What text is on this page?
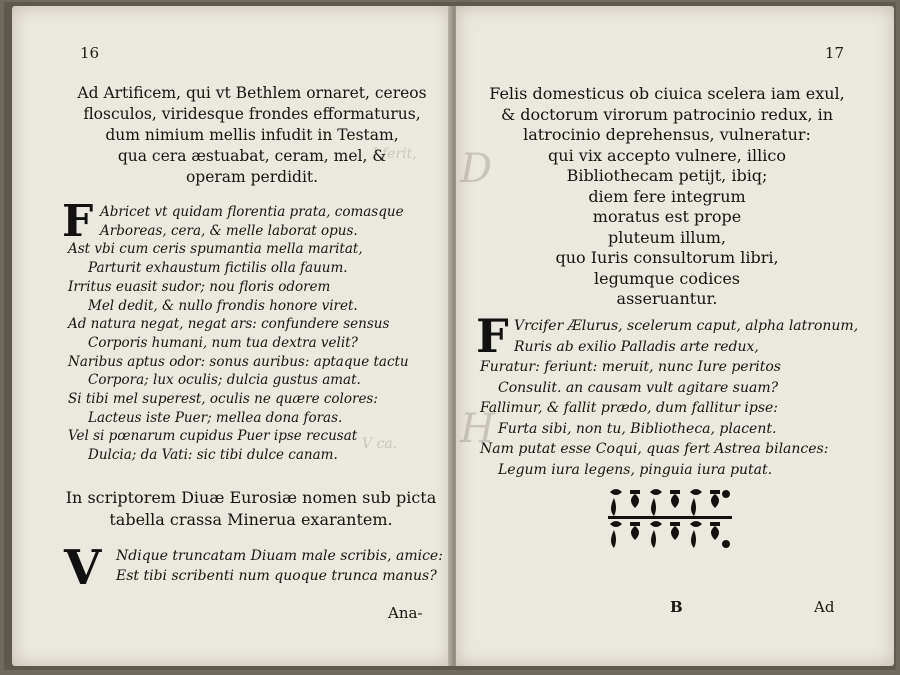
16
I ferit,
V ca.
Ad Artificem, qui vt Bethlem ornaret, cereos
flosculos, viridesque frondes efformaturus,
dum nimium mellis infudit in Testam,
qua cera æstuabat, ceram, mel, &
operam perdidit.
F Abricet vt quidam florentia prata, comasque
Arboreas, cera, & melle laborat opus.
Ast vbi cum ceris spumantia mella maritat,
Parturit exhaustum fictilis olla fauum.
Irritus euasit sudor; nou floris odorem
Mel dedit, & nullo frondis honore viret.
Ad natura negat, negat ars: confundere sensus
Corporis humani, num tua dextra velit?
Naribus aptus odor: sonus auribus: aptaque tactu
Corpora; lux oculis; dulcia gustus amat.
Si tibi mel superest, oculis ne quære colores:
Lacteus iste Puer; mellea dona foras.
Vel si pœnarum cupidus Puer ipse recusat
Dulcia; da Vati: sic tibi dulce canam.
In scriptorem Diuæ Eurosiæ nomen sub picta
tabella crassa Minerua exarantem.
V Ndique truncatam Diuam male scribis, amice:
Est tibi scribenti num quoque trunca manus?
Ana-
17
D
H
Felis domesticus ob ciuica scelera iam exul,
& doctorum virorum patrocinio redux, in
latrocinio deprehensus, vulneratur:
qui vix accepto vulnere, illico
Bibliothecam petijt, ibiq;
diem fere integrum
moratus est prope
pluteum illum,
quo Iuris consultorum libri,
legumque codices
asseruantur.
F Vrcifer Ælurus, scelerum caput, alpha latronum,
Ruris ab exilio Palladis arte redux,
Furatur: feriunt: meruit, nunc Iure peritos
Consulit. an causam vult agitare suam?
Fallimur, & fallit prædo, dum fallitur ipse:
Furta sibi, non tu, Bibliotheca, placent.
Nam putat esse Coqui, quas fert Astrea bilances:
Legum iura legens, pinguia iura putat.
B	Ad
